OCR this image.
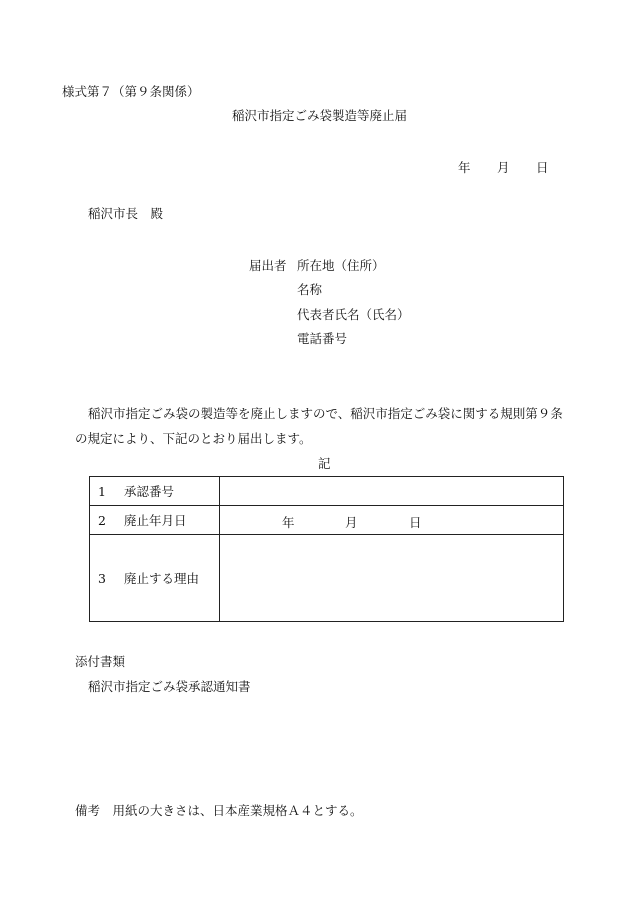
様式第７（第９条関係）
稲沢市指定ごみ袋製造等廃止届
年 月 日
稲沢市長　殿
届出者 所在地（住所）
名称
代表者氏名（氏名）
電話番号
稲沢市指定ごみ袋の製造等を廃止しますので、稲沢市指定ごみ袋に関する規則第９条
の規定により、下記のとおり届出します。
記
1 承認番号	
2 廃止年月日	年 月 日

3 廃止する理由	
添付書類
稲沢市指定ごみ袋承認通知書
備考　用紙の大きさは、日本産業規格Ａ４とする。
